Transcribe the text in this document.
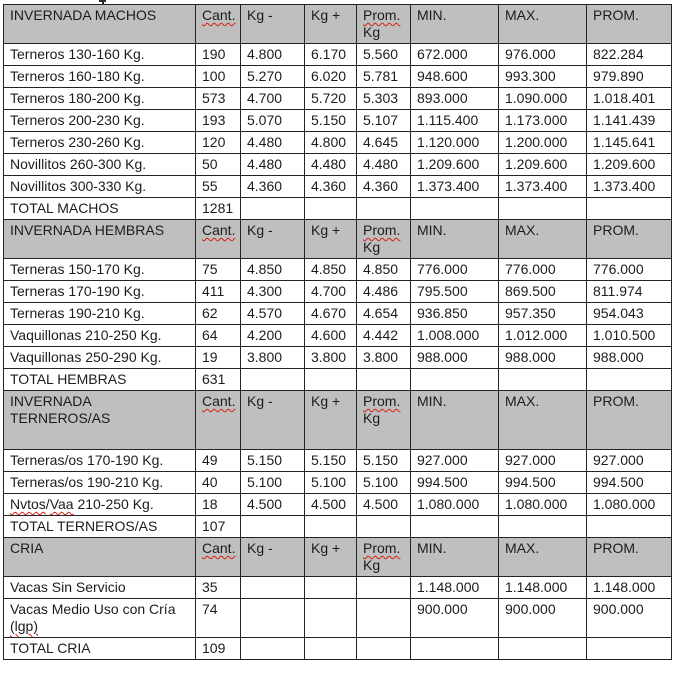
INVERNADA MACHOS	Cant.	Kg -	Kg +	Prom.
Kg	MIN.	MAX.	PROM.
Terneros 130-160 Kg.	190	4.800	6.170	5.560	672.000	976.000	822.284
Terneros 160-180 Kg.	100	5.270	6.020	5.781	948.600	993.300	979.890
Terneros 180-200 Kg.	573	4.700	5.720	5.303	893.000	1.090.000	1.018.401
Terneros 200-230 Kg.	193	5.070	5.150	5.107	1.115.400	1.173.000	1.141.439
Terneros 230-260 Kg.	120	4.480	4.800	4.645	1.120.000	1.200.000	1.145.641
Novillitos 260-300 Kg.	50	4.480	4.480	4.480	1.209.600	1.209.600	1.209.600
Novillitos 300-330 Kg.	55	4.360	4.360	4.360	1.373.400	1.373.400	1.373.400
TOTAL MACHOS	1281						
INVERNADA HEMBRAS	Cant.	Kg -	Kg +	Prom.
Kg	MIN.	MAX.	PROM.
Terneras 150-170 Kg.	75	4.850	4.850	4.850	776.000	776.000	776.000
Terneras 170-190 Kg.	411	4.300	4.700	4.486	795.500	869.500	811.974
Terneras 190-210 Kg.	62	4.570	4.670	4.654	936.850	957.350	954.043
Vaquillonas 210-250 Kg.	64	4.200	4.600	4.442	1.008.000	1.012.000	1.010.500
Vaquillonas 250-290 Kg.	19	3.800	3.800	3.800	988.000	988.000	988.000
TOTAL HEMBRAS	631						
INVERNADA TERNEROS/AS	Cant.	Kg -	Kg +	Prom.
Kg	MIN.	MAX.	PROM.
Terneras/os 170-190 Kg.	49	5.150	5.150	5.150	927.000	927.000	927.000
Terneras/os 190-210 Kg.	40	5.100	5.100	5.100	994.500	994.500	994.500
Nvtos/Vaa 210-250 Kg.	18	4.500	4.500	4.500	1.080.000	1.080.000	1.080.000
TOTAL TERNEROS/AS	107						
CRIA	Cant.	Kg -	Kg +	Prom.
Kg	MIN.	MAX.	PROM.
Vacas Sin Servicio	35				1.148.000	1.148.000	1.148.000
Vacas Medio Uso con Cría (lgp)	74				900.000	900.000	900.000
TOTAL CRIA	109						
